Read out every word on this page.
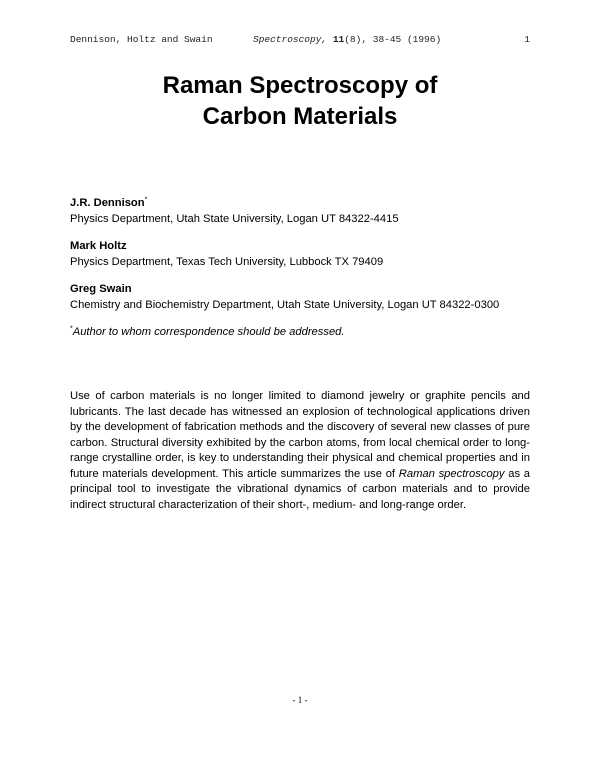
Dennison, Holtz and Swain	Spectroscopy, 11(8), 38-45 (1996)	1
Raman Spectroscopy of
Carbon Materials
J.R. Dennison*
Physics Department, Utah State University, Logan UT 84322-4415
Mark Holtz
Physics Department, Texas Tech University, Lubbock TX 79409
Greg Swain
Chemistry and Biochemistry Department, Utah State University, Logan UT 84322-0300
*Author to whom correspondence should be addressed.
Use of carbon materials is no longer limited to diamond jewelry or graphite pencils and lubricants. The last decade has witnessed an explosion of technological applications driven by the development of fabrication methods and the discovery of several new classes of pure carbon. Structural diversity exhibited by the carbon atoms, from local chemical order to long-range crystalline order, is key to understanding their physical and chemical properties and in future materials development. This article summarizes the use of Raman spectroscopy as a principal tool to investigate the vibrational dynamics of carbon materials and to provide indirect structural characterization of their short-, medium- and long-range order.
- 1 -
